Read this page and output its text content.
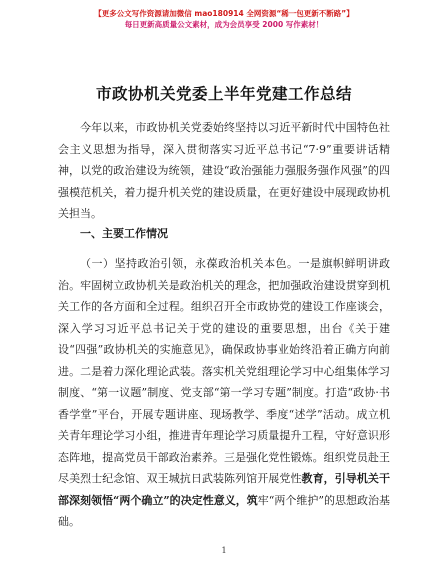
【更多公文写作资源请加微信 mao180914 全网资源“稀一包更新不断路”】
每日更新高质量公文素材，成为会员享受 2000 写作素材！
市政协机关党委上半年党建工作总结

今年以来，市政协机关党委始终坚持以习近平新时代中国特色社会主义思想为指导，深入贯彻落实习近平总书记“7·9”重要讲话精神，以党的政治建设为统领，建设“政治强能力强服务强作风强”的四强模范机关，着力提升机关党的建设质量，在更好建设中展现政协机关担当。

一、主要工作情况

（一）坚持政治引领，永葆政治机关本色。一是旗帜鲜明讲政治。牢固树立政协机关是政治机关的理念，把加强政治建设贯穿到机关工作的各方面和全过程。组织召开全市政协党的建设工作座谈会，深入学习习近平总书记关于党的建设的重要思想，出台《关于建设“四强”政协机关的实施意见》，确保政协事业始终沿着正确方向前进。二是着力深化理论武装。落实机关党组理论学习中心组集体学习制度、“第一议题”制度、党支部“第一学习专题”制度。打造“政协·书香学堂”平台，开展专题讲座、现场教学、季度“述学”活动。成立机关青年理论学习小组，推进青年理论学习质量提升工程，守好意识形态阵地，提高党员干部政治素养。三是强化党性锻炼。组织党员赴王尽美烈士纪念馆、双王城抗日武装陈列馆开展党性教育，引导机关干部深刻领悟“两个确立”的决定性意义，筑牢“两个维护”的思想政治基础。

1
